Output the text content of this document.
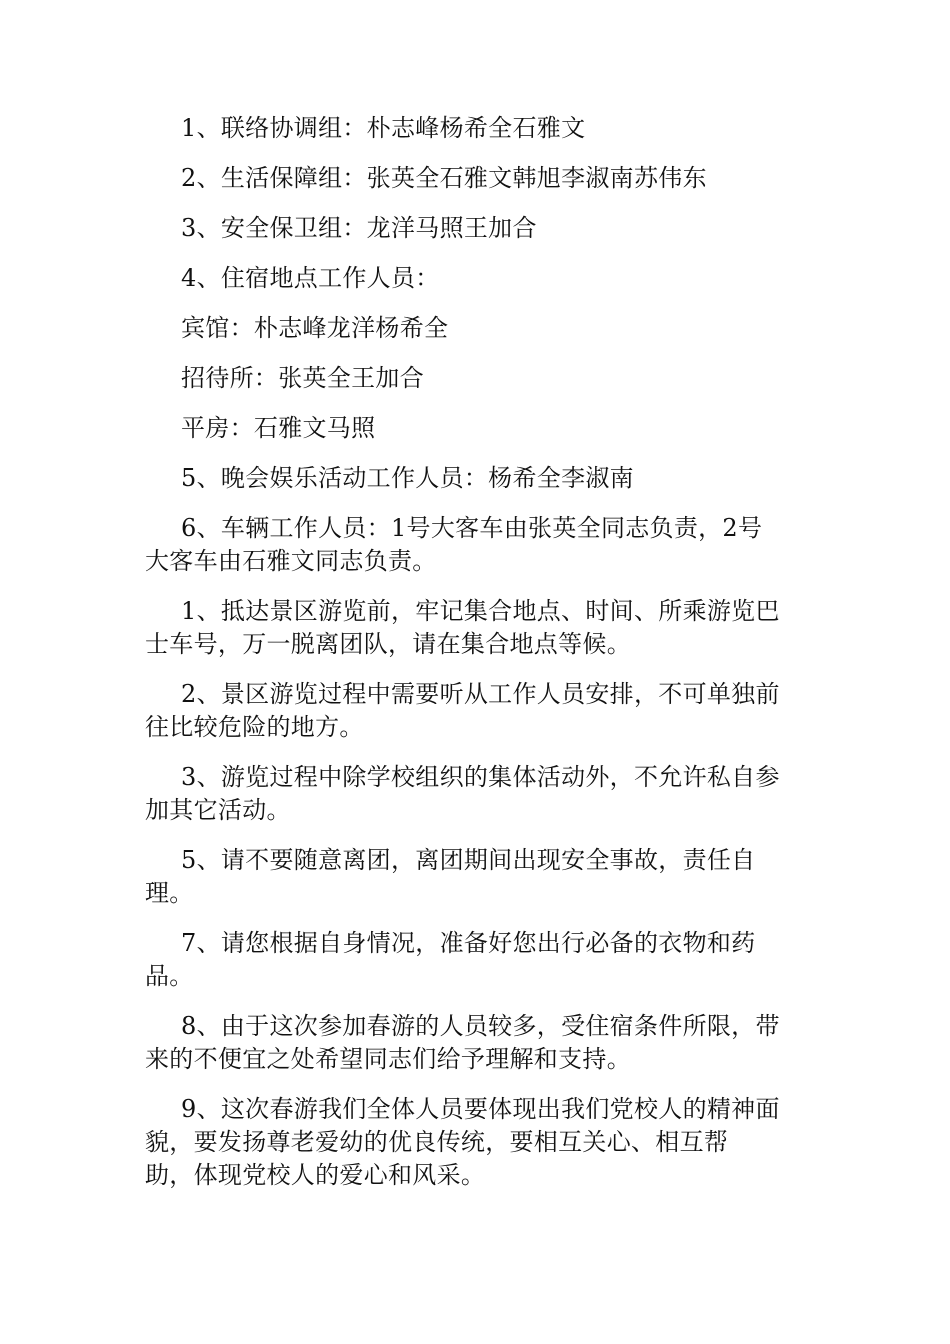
1、联络协调组：朴志峰杨希全石雅文

2、生活保障组：张英全石雅文韩旭李淑南苏伟东

3、安全保卫组：龙洋马照王加合

4、住宿地点工作人员：

宾馆：朴志峰龙洋杨希全

招待所：张英全王加合

平房：石雅文马照

5、晚会娱乐活动工作人员：杨希全李淑南

6、车辆工作人员：1号大客车由张英全同志负责，2号
大客车由石雅文同志负责。

1、抵达景区游览前，牢记集合地点、时间、所乘游览巴
士车号，万一脱离团队，请在集合地点等候。

2、景区游览过程中需要听从工作人员安排，不可单独前
往比较危险的地方。

3、游览过程中除学校组织的集体活动外，不允许私自参
加其它活动。

5、请不要随意离团，离团期间出现安全事故，责任自
理。

7、请您根据自身情况，准备好您出行必备的衣物和药
品。

8、由于这次参加春游的人员较多，受住宿条件所限，带
来的不便宜之处希望同志们给予理解和支持。

9、这次春游我们全体人员要体现出我们党校人的精神面
貌，要发扬尊老爱幼的优良传统，要相互关心、相互帮
助，体现党校人的爱心和风采。
